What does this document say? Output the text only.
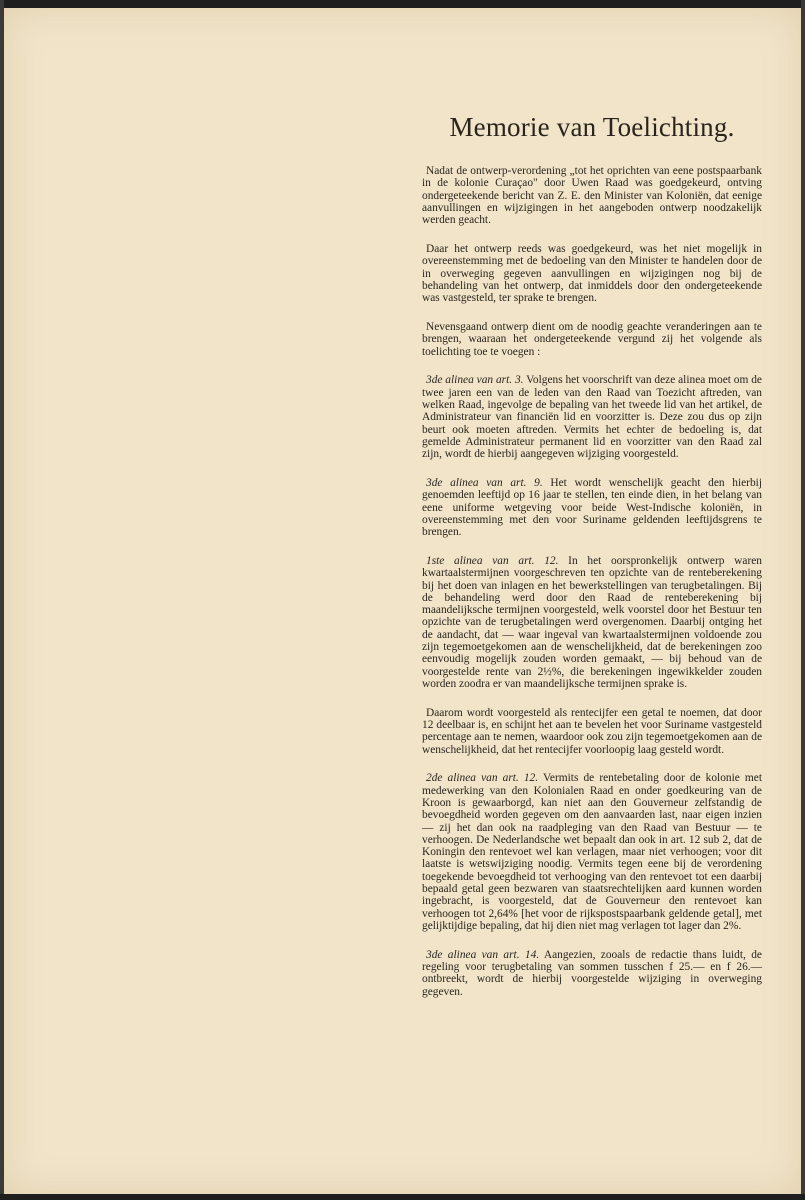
Memorie van Toelichting.

Nadat de ontwerp-verordening „tot het oprichten van eene postspaarbank in de kolonie Curaçao" door Uwen Raad was goedgekeurd, ontving ondergeteekende bericht van Z. E. den Minister van Koloniën, dat eenige aanvullingen en wijzigingen in het aangeboden ontwerp noodzakelijk werden geacht.

Daar het ontwerp reeds was goedgekeurd, was het niet mogelijk in overeenstemming met de bedoeling van den Minister te handelen door de in overweging gegeven aanvullingen en wijzigingen nog bij de behandeling van het ontwerp, dat inmiddels door den ondergeteekende was vastgesteld, ter sprake te brengen.

Nevensgaand ontwerp dient om de noodig geachte veranderingen aan te brengen, waaraan het ondergeteekende vergund zij het volgende als toelichting toe te voegen :

3de alinea van art. 3. Volgens het voorschrift van deze alinea moet om de twee jaren een van de leden van den Raad van Toezicht aftreden, van welken Raad, ingevolge de bepaling van het tweede lid van het artikel, de Administrateur van financiën lid en voorzitter is. Deze zou dus op zijn beurt ook moeten aftreden. Vermits het echter de bedoeling is, dat gemelde Administrateur permanent lid en voorzitter van den Raad zal zijn, wordt de hierbij aangegeven wijziging voorgesteld.

3de alinea van art. 9. Het wordt wenschelijk geacht den hierbij genoemden leeftijd op 16 jaar te stellen, ten einde dien, in het belang van eene uniforme wetgeving voor beide West-Indische koloniën, in overeenstemming met den voor Suriname geldenden leeftijdsgrens te brengen.

1ste alinea van art. 12. In het oorspronkelijk ontwerp waren kwartaalstermijnen voorgeschreven ten opzichte van de renteberekening bij het doen van inlagen en het bewerkstellingen van terugbetalingen. Bij de behandeling werd door den Raad de renteberekening bij maandelijksche termijnen voorgesteld, welk voorstel door het Bestuur ten opzichte van de terugbetalingen werd overgenomen. Daarbij ontging het de aandacht, dat — waar ingeval van kwartaalstermijnen voldoende zou zijn tegemoetgekomen aan de wenschelijkheid, dat de berekeningen zoo eenvoudig mogelijk zouden worden gemaakt, — bij behoud van de voorgestelde rente van 2½%, die berekeningen ingewikkelder zouden worden zoodra er van maandelijksche termijnen sprake is.

Daarom wordt voorgesteld als rentecijfer een getal te noemen, dat door 12 deelbaar is, en schijnt het aan te bevelen het voor Suriname vastgesteld percentage aan te nemen, waardoor ook zou zijn tegemoetgekomen aan de wenschelijkheid, dat het rentecijfer voorloopig laag gesteld wordt.

2de alinea van art. 12. Vermits de rentebetaling door de kolonie met medewerking van den Kolonialen Raad en onder goedkeuring van de Kroon is gewaarborgd, kan niet aan den Gouverneur zelfstandig de bevoegdheid worden gegeven om den aanvaarden last, naar eigen inzien — zij het dan ook na raadpleging van den Raad van Bestuur — te verhoogen. De Nederlandsche wet bepaalt dan ook in art. 12 sub 2, dat de Koningin den rentevoet wel kan verlagen, maar niet verhoogen; voor dit laatste is wetswijziging noodig. Vermits tegen eene bij de verordening toegekende bevoegdheid tot verhooging van den rentevoet tot een daarbij bepaald getal geen bezwaren van staatsrechtelijken aard kunnen worden ingebracht, is voorgesteld, dat de Gouverneur den rentevoet kan verhoogen tot 2,64% [het voor de rijkspostspaarbank geldende getal], met gelijktijdige bepaling, dat hij dien niet mag verlagen tot lager dan 2%.

3de alinea van art. 14. Aangezien, zooals de redactie thans luidt, de regeling voor terugbetaling van sommen tusschen f 25.— en f 26.— ontbreekt, wordt de hierbij voorgestelde wijziging in overweging gegeven.
